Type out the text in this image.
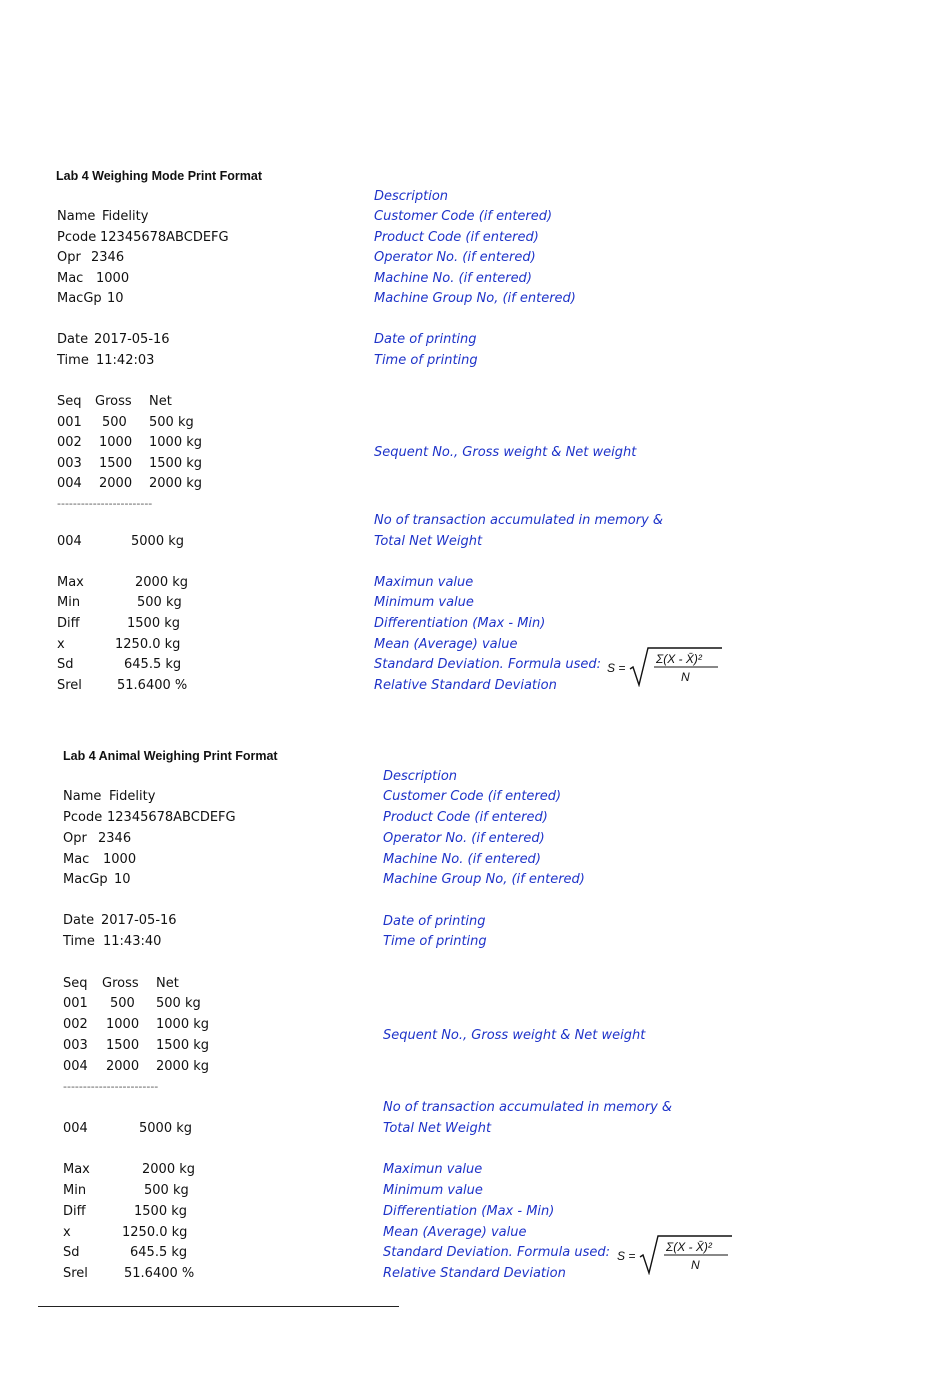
Lab 4 Weighing Mode Print Format
Description
Name Fidelity	Customer Code (if entered)
Pcode 12345678ABCDEFG	Product Code (if entered)
Opr 2346	Operator No. (if entered)
Mac 1000	Machine No. (if entered)
MacGp 10	Machine Group No, (if entered)
Date 2017-05-16	Date of printing
Time 11:42:03	Time of printing
Seq Gross Net
001 500 500 kg
002 1000 1000 kg
003 1500 1500 kg
004 2000 2000 kg
Sequent No., Gross weight & Net weight
------------------------
No of transaction accumulated in memory &
004	5000 kg	Total Net Weight
Max	2000 kg	Maximun value
Min	500 kg	Minimum value
Diff	1500 kg	Differentiation (Max - Min)
x	1250.0 kg	Mean (Average) value
Sd	645.5 kg	Standard Deviation. Formula used:
Srel	51.6400 %	Relative Standard Deviation
S =
Σ(X - X̄)²
N
Lab 4 Animal Weighing Print Format
Description
Name Fidelity	Customer Code (if entered)
Pcode 12345678ABCDEFG	Product Code (if entered)
Opr 2346	Operator No. (if entered)
Mac 1000	Machine No. (if entered)
MacGp 10	Machine Group No, (if entered)
Date 2017-05-16	Date of printing
Time 11:43:40	Time of printing
Seq Gross Net
001 500 500 kg
002 1000 1000 kg
003 1500 1500 kg
004 2000 2000 kg
Sequent No., Gross weight & Net weight
------------------------
No of transaction accumulated in memory &
004	5000 kg	Total Net Weight
Max	2000 kg	Maximun value
Min	500 kg	Minimum value
Diff	1500 kg	Differentiation (Max - Min)
x	1250.0 kg	Mean (Average) value
Sd	645.5 kg	Standard Deviation. Formula used:
Srel	51.6400 %	Relative Standard Deviation
S =
Σ(X - X̄)²
N
